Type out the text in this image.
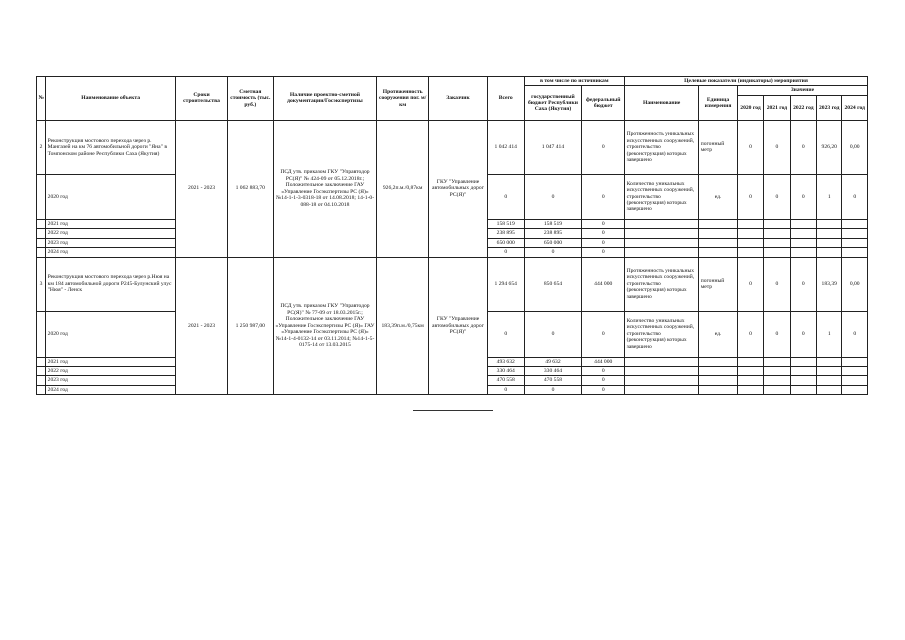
№	Наименование объекта	Сроки строительства	Сметная стоимость (тыс. руб.)	Наличие проектно-сметной документации/Госэкспертизы	Протяженность сооружения пог. м/км	Заказчик	Всего	в том числе по источникам		Целевые показатели (индикаторы) мероприятия						
								государственный бюджет Республики Саха (Якутия)	федеральный бюджет	Наименование	Единица измерения	Значение				
												2020 год	2021 год	2022 год	2023 год	2024 год
2	Реконструкция мостового перехода через р. Мангазей на км 76 автомобильной дороги "Яна" в Томпонском районе Республики Саха (Якутия)	2021 - 2023	1 062 883,70	ПСД утв. приказом ГКУ "Управтодор РС(Я)" № 424-09 от 05.12.2018г.; Положительное заключение ГАУ «Управление Госэкспертизы РС (Я)» №14-1-1-3-0318-18 от 14.08.2018; 14-1-0-088-18 от 04.10.2018	926,2п.м./0,87км	ГКУ "Управление автомобильных дорог РС(Я)"	1 042 414	1 047 414	0	Протяженность уникальных искусственных сооружений, строительство (реконструкция) которых завершено	погонный метр	0	0	0	926,20	0,00
	2020 год						0	0	0	Количество уникальных искусственных сооружений, строительство (реконструкция) которых завершено	ед.	0	0	0	1	0
	2021 год						158 519	158 519	0							
	2022 год						238 895	238 895	0							
	2023 год						650 000	650 000	0							
	2024 год						0	0	0							
3	Реконструкция мостового перехода через р.Нюя на км 184 автомобильной дороги Р245-Булунский улус "Нюя" - Ленск	2021 - 2023	1 250 987,00	ПСД утв. приказом ГКУ "Управтодор РС(Я)" № 77-09 от 18.03.2015г.; Положительное заключение ГАУ «Управление Госэкспертизы РС (Я)» ГАУ «Управление Госэкспертизы РС (Я)» №14-1-4-0132-14 от 03.11.2014; №14-1-5-0175-14 от 13.03.2015	183,39п.м./0,75км	ГКУ "Управление автомобильных дорог РС(Я)"	1 294 654	850 654	444 000	Протяженность уникальных искусственных сооружений, строительство (реконструкция) которых завершено	погонный метр	0	0	0	183,39	0,00
	2020 год						0	0	0	Количество уникальных искусственных сооружений, строительство (реконструкция) которых завершено	ед.	0	0	0	1	0
	2021 год						493 632	49 632	444 000							
	2022 год						330 464	330 464	0							
	2023 год						470 558	470 558	0							
	2024 год						0	0	0							
